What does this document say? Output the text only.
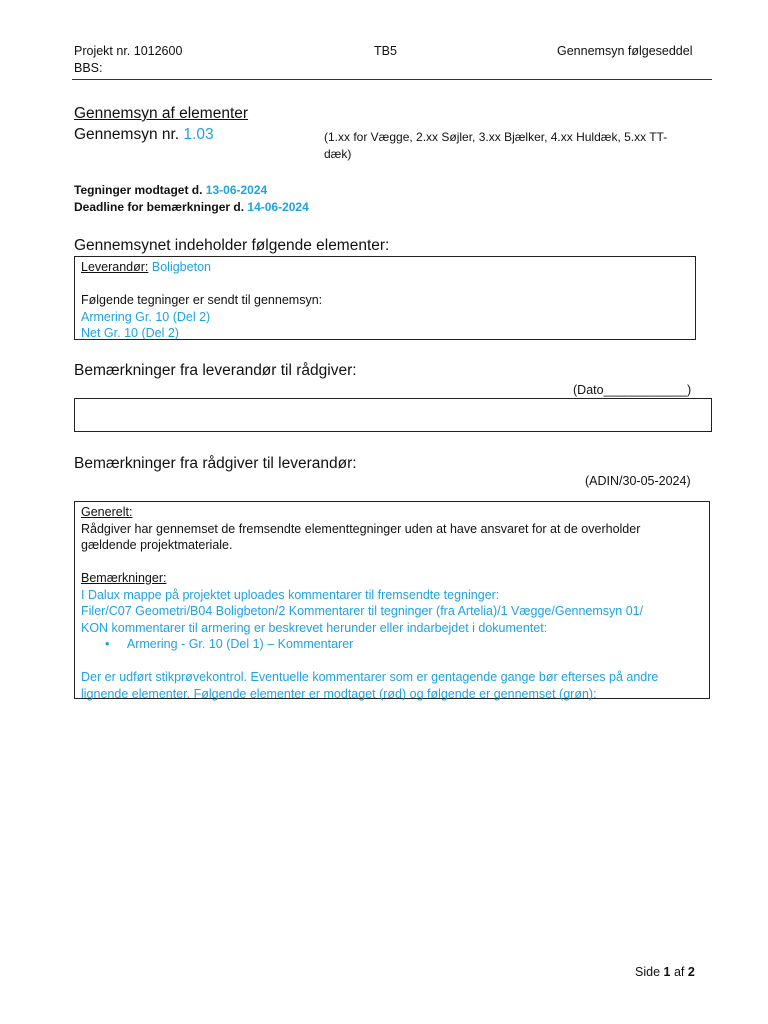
Projekt nr. 1012600	TB5	Gennemsyn følgeseddel
BBS:
Gennemsyn af elementer
Gennemsyn nr. 1.03	(1.xx for Vægge, 2.xx Søjler, 3.xx Bjælker, 4.xx Huldæk, 5.xx TT-
dæk)
Tegninger modtaget d. 13-06-2024
Deadline for bemærkninger d. 14-06-2024
Gennemsynet indeholder følgende elementer:
Leverandør: Boligbeton

Følgende tegninger er sendt til gennemsyn:
Armering Gr. 10 (Del 2)
Net Gr. 10 (Del 2)
Bemærkninger fra leverandør til rådgiver:
(Dato____________)
Bemærkninger fra rådgiver til leverandør:
(ADIN/30-05-2024)
Generelt:
Rådgiver har gennemset de fremsendte elementtegninger uden at have ansvaret for at de overholder
gældende projektmateriale.

Bemærkninger:
I Dalux mappe på projektet uploades kommentarer til fremsendte tegninger:
Filer/C07 Geometri/B04 Boligbeton/2 Kommentarer til tegninger (fra Artelia)/1 Vægge/Gennemsyn 01/
KON kommentarer til armering er beskrevet herunder eller indarbejdet i dokumentet:
• Armering - Gr. 10 (Del 1) – Kommentarer

Der er udført stikprøvekontrol. Eventuelle kommentarer som er gentagende gange bør efterses på andre
lignende elementer. Følgende elementer er modtaget (rød) og følgende er gennemset (grøn):
Side 1 af 2
